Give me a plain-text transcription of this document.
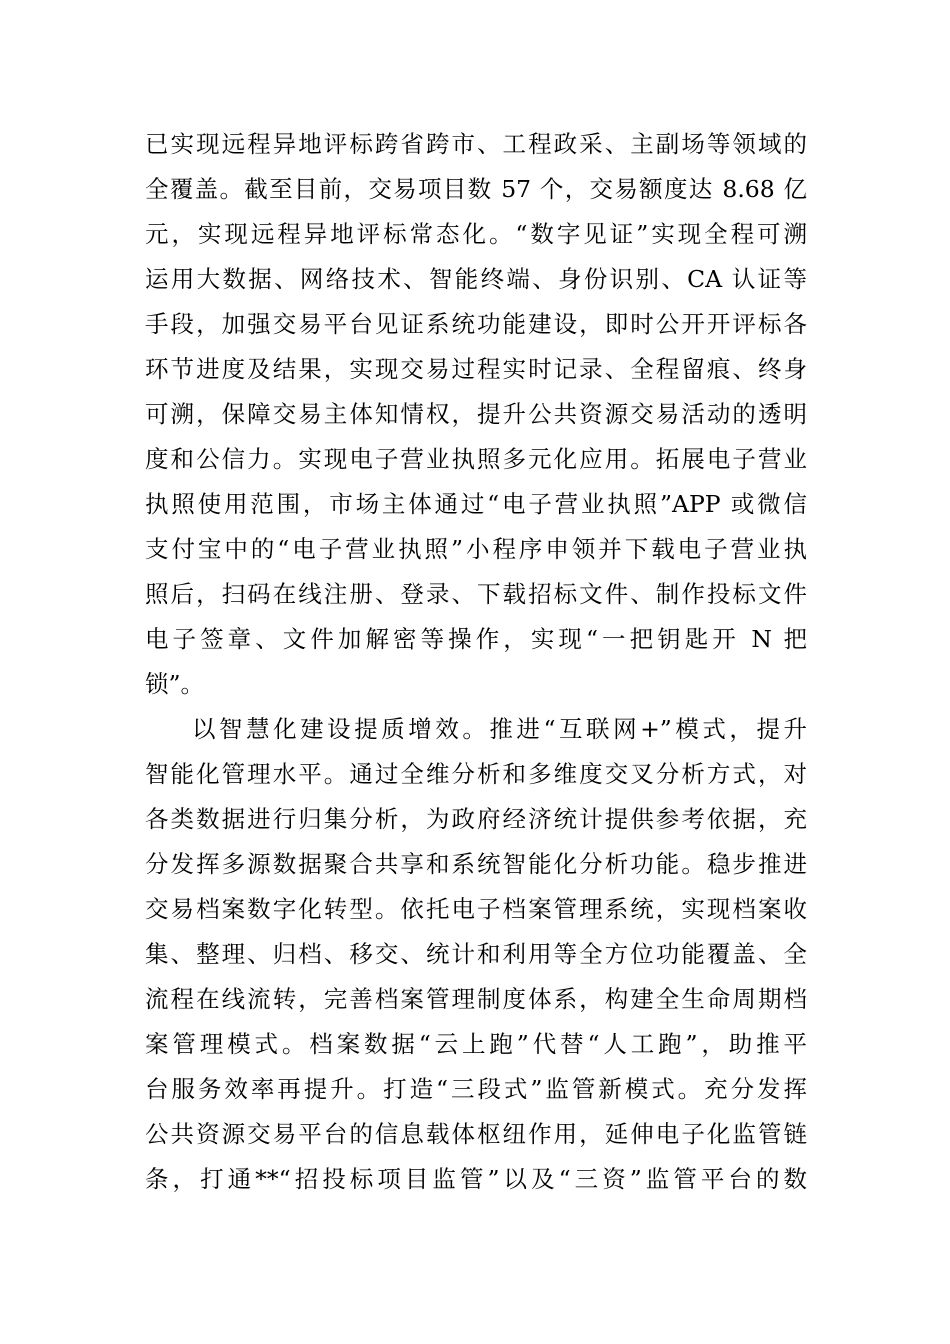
已实现远程异地评标跨省跨市、工程政采、主副场等领域的
全覆盖。截至目前，交易项目数 57 个，交易额度达 8.68 亿
元，实现远程异地评标常态化。“数字见证”实现全程可溯
运用大数据、网络技术、智能终端、身份识别、CA 认证等
手段，加强交易平台见证系统功能建设，即时公开开评标各
环节进度及结果，实现交易过程实时记录、全程留痕、终身
可溯，保障交易主体知情权，提升公共资源交易活动的透明
度和公信力。实现电子营业执照多元化应用。拓展电子营业
执照使用范围，市场主体通过“电子营业执照”APP 或微信
支付宝中的“电子营业执照”小程序申领并下载电子营业执
照后，扫码在线注册、登录、下载招标文件、制作投标文件
电子签章、文件加解密等操作，实现“一把钥匙开 N 把
锁”。
以智慧化建设提质增效。推进“互联网+”模式，提升
智能化管理水平。通过全维分析和多维度交叉分析方式，对
各类数据进行归集分析，为政府经济统计提供参考依据，充
分发挥多源数据聚合共享和系统智能化分析功能。稳步推进
交易档案数字化转型。依托电子档案管理系统，实现档案收
集、整理、归档、移交、统计和利用等全方位功能覆盖、全
流程在线流转，完善档案管理制度体系，构建全生命周期档
案管理模式。档案数据“云上跑”代替“人工跑”，助推平
台服务效率再提升。打造“三段式”监管新模式。充分发挥
公共资源交易平台的信息载体枢纽作用，延伸电子化监管链
条，打通**“招投标项目监管”以及“三资”监管平台的数
